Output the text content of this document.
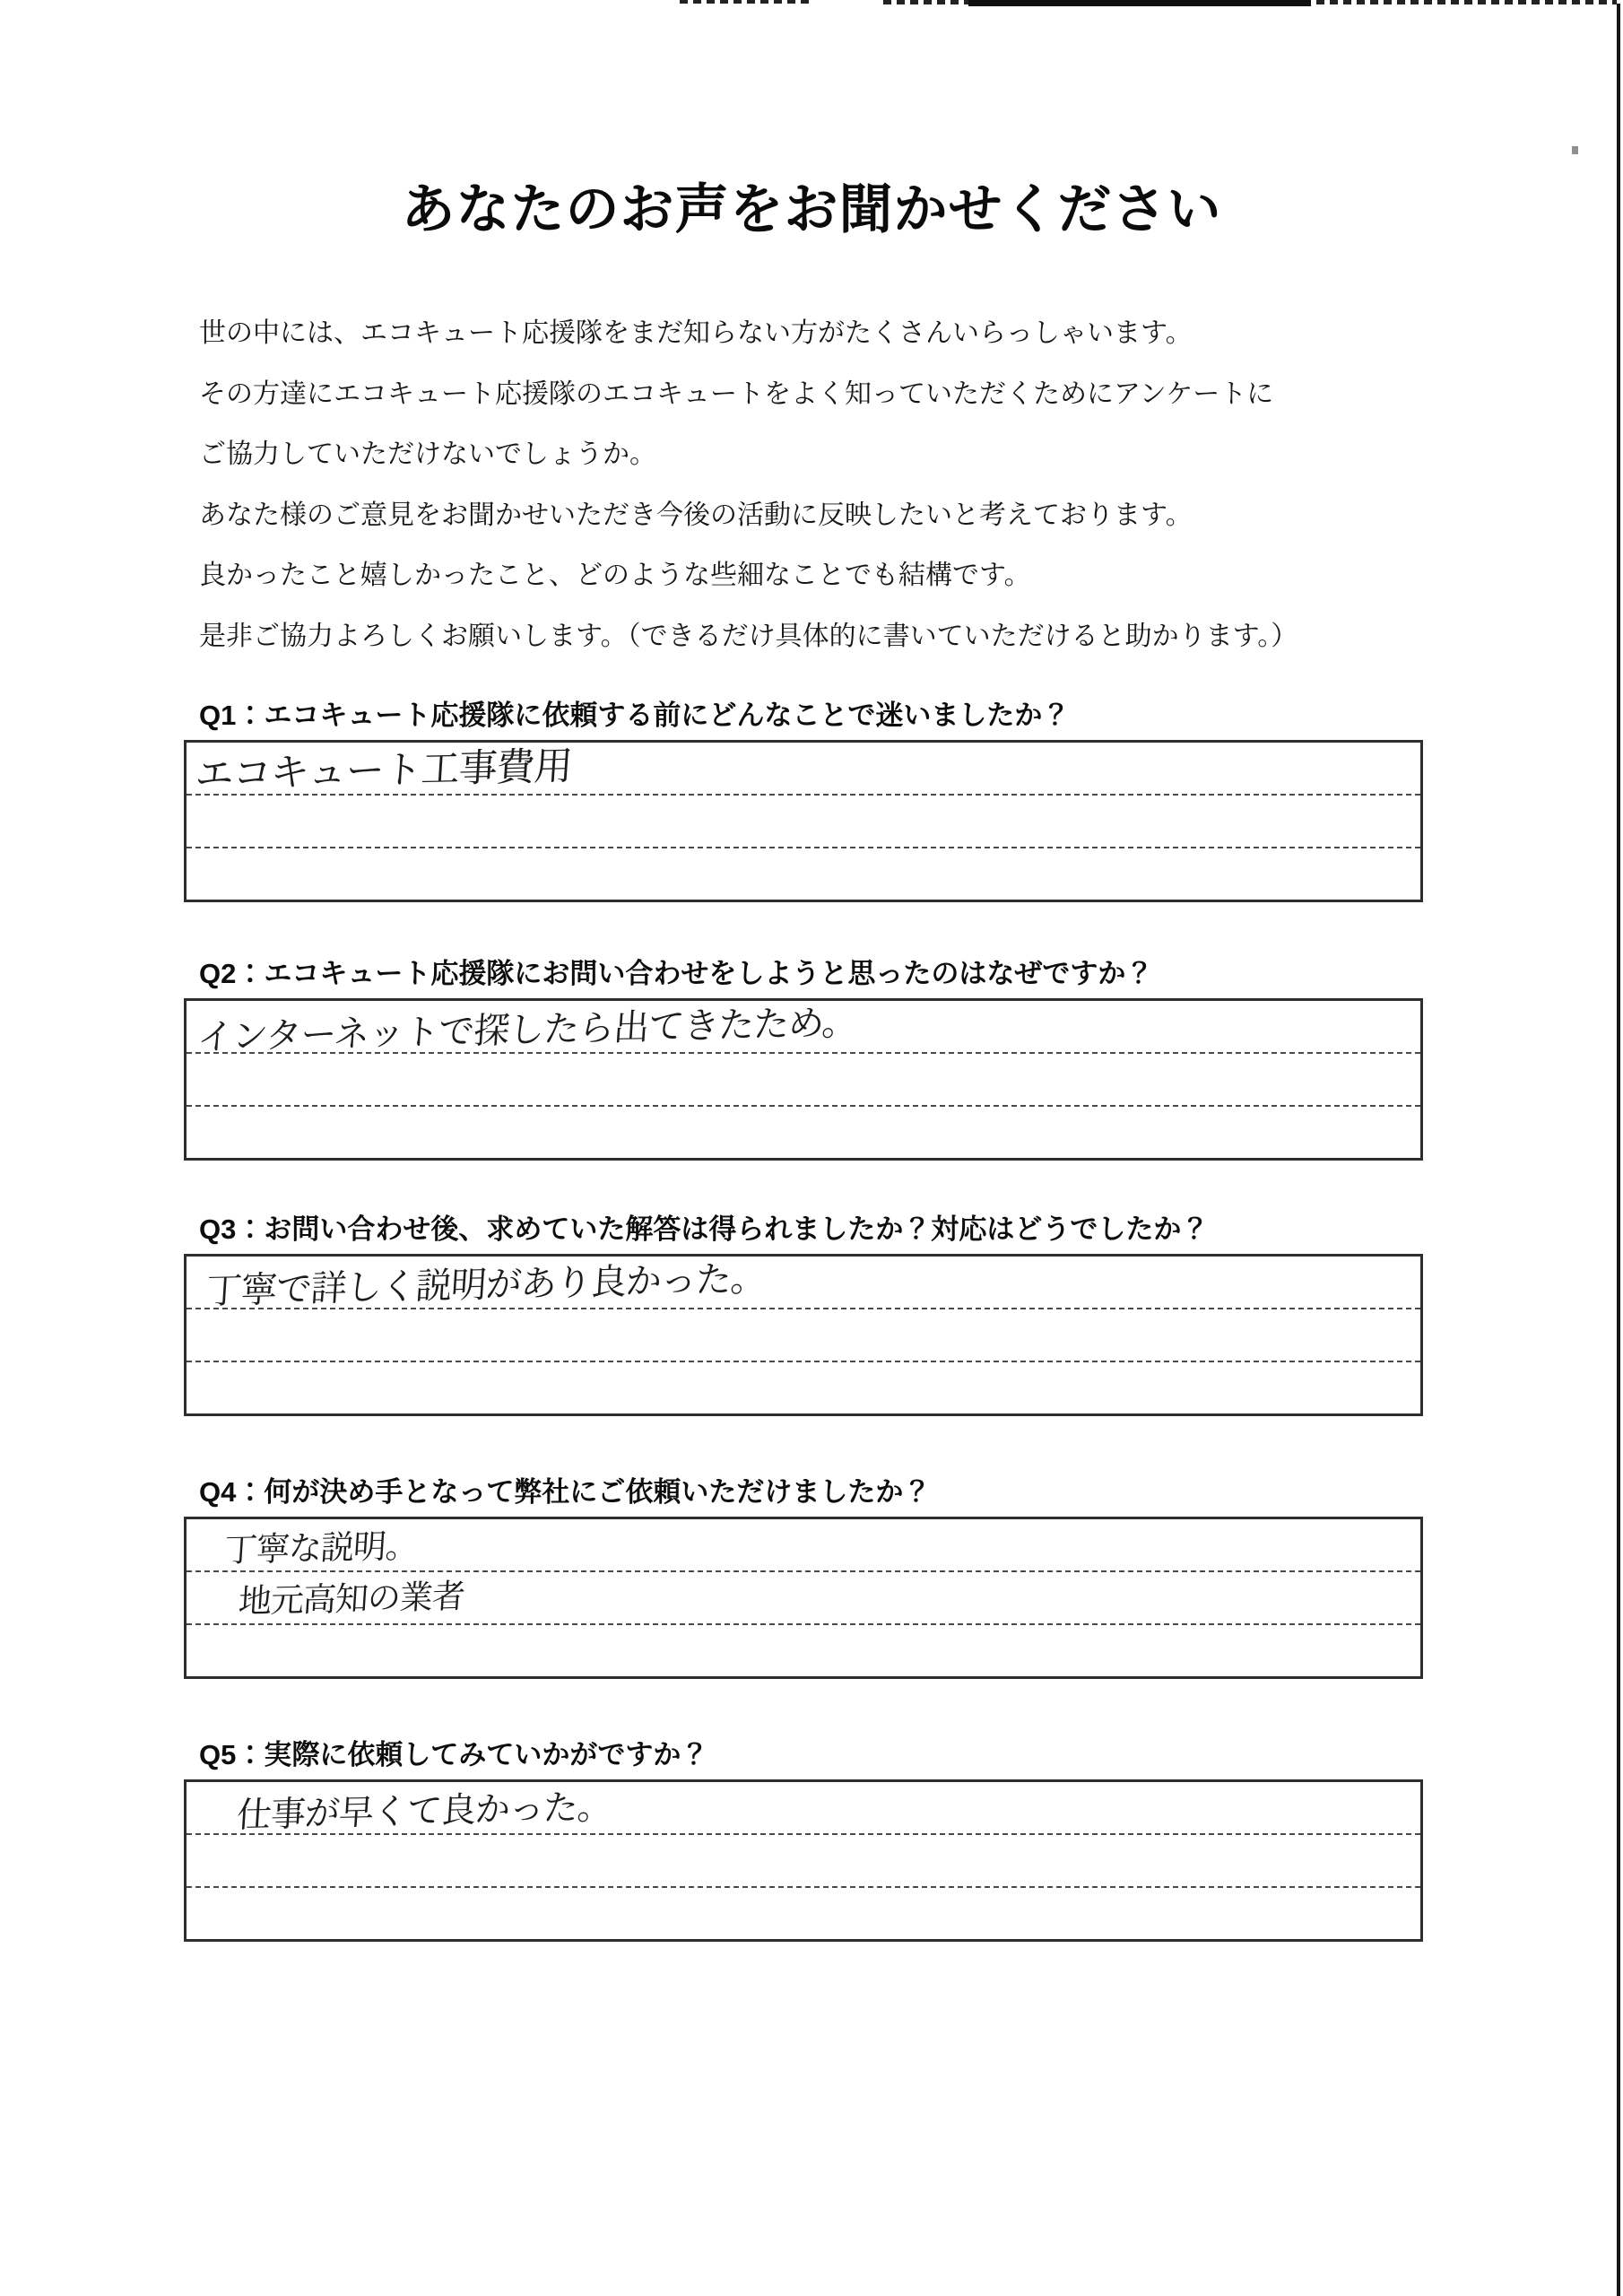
あなたのお声をお聞かせください
世の中には、エコキュート応援隊をまだ知らない方がたくさんいらっしゃいます。
その方達にエコキュート応援隊のエコキュートをよく知っていただくためにアンケートに
ご協力していただけないでしょうか。
あなた様のご意見をお聞かせいただき今後の活動に反映したいと考えております。
良かったこと嬉しかったこと、どのような些細なことでも結構です。
是非ご協力よろしくお願いします。（できるだけ具体的に書いていただけると助かります。）
Q1：エコキュート応援隊に依頼する前にどんなことで迷いましたか？
エコキュート工事費用
Q2：エコキュート応援隊にお問い合わせをしようと思ったのはなぜですか？
インターネットで探したら出てきたため。
Q3：お問い合わせ後、求めていた解答は得られましたか？対応はどうでしたか？
丁寧で詳しく説明があり良かった。
Q4：何が決め手となって弊社にご依頼いただけましたか？
丁寧な説明。
地元高知の業者
Q5：実際に依頼してみていかがですか？
仕事が早くて良かった。
